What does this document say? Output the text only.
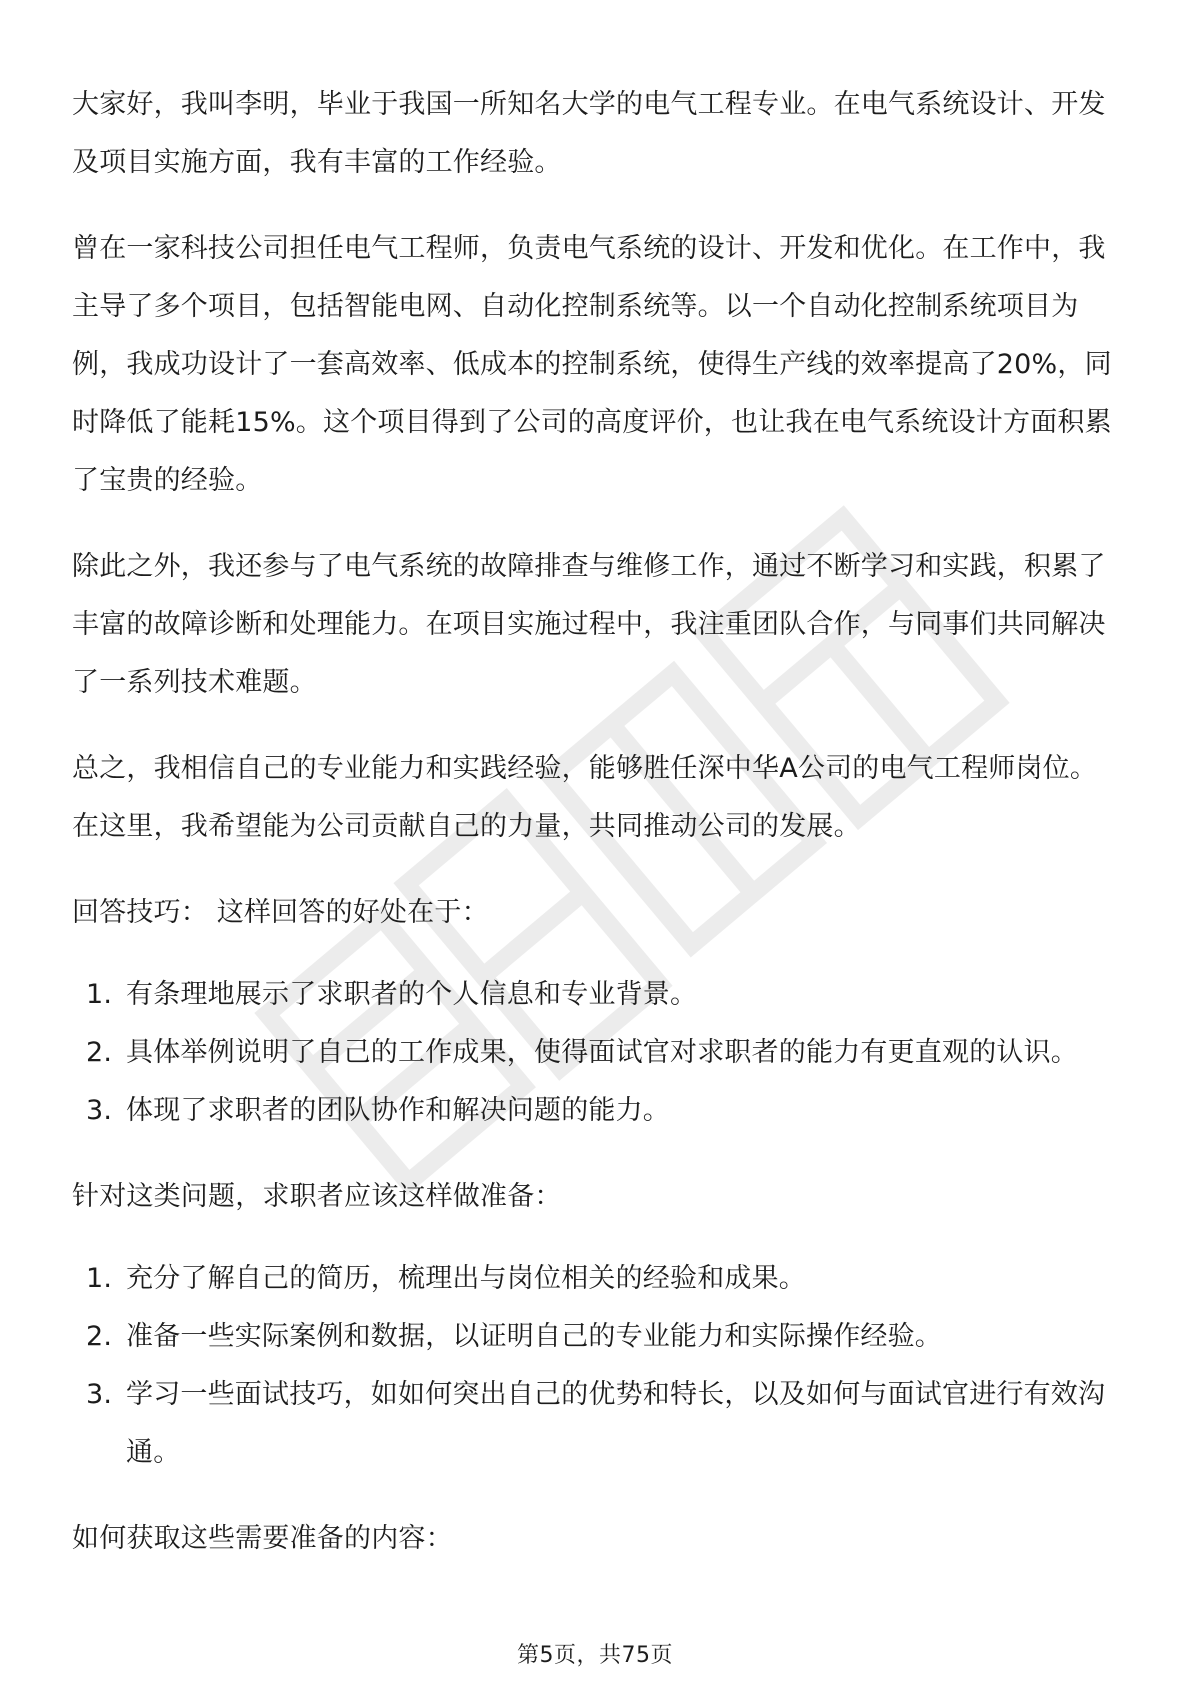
大家好，我叫李明，毕业于我国一所知名大学的电气工程专业。在电气系统设计、开发及项目实施方面，我有丰富的工作经验。

曾在一家科技公司担任电气工程师，负责电气系统的设计、开发和优化。在工作中，我主导了多个项目，包括智能电网、自动化控制系统等。以一个自动化控制系统项目为例，我成功设计了一套高效率、低成本的控制系统，使得生产线的效率提高了20%，同时降低了能耗15%。这个项目得到了公司的高度评价，也让我在电气系统设计方面积累了宝贵的经验。

除此之外，我还参与了电气系统的故障排查与维修工作，通过不断学习和实践，积累了丰富的故障诊断和处理能力。在项目实施过程中，我注重团队合作，与同事们共同解决了一系列技术难题。

总之，我相信自己的专业能力和实践经验，能够胜任深中华A公司的电气工程师岗位。在这里，我希望能为公司贡献自己的力量，共同推动公司的发展。

回答技巧： 这样回答的好处在于：

1. 有条理地展示了求职者的个人信息和专业背景。
2. 具体举例说明了自己的工作成果，使得面试官对求职者的能力有更直观的认识。
3. 体现了求职者的团队协作和解决问题的能力。

针对这类问题，求职者应该这样做准备：

1. 充分了解自己的简历，梳理出与岗位相关的经验和成果。
2. 准备一些实际案例和数据，以证明自己的专业能力和实际操作经验。
3. 学习一些面试技巧，如如何突出自己的优势和特长，以及如何与面试官进行有效沟通。

如何获取这些需要准备的内容：

第5页，共75页
